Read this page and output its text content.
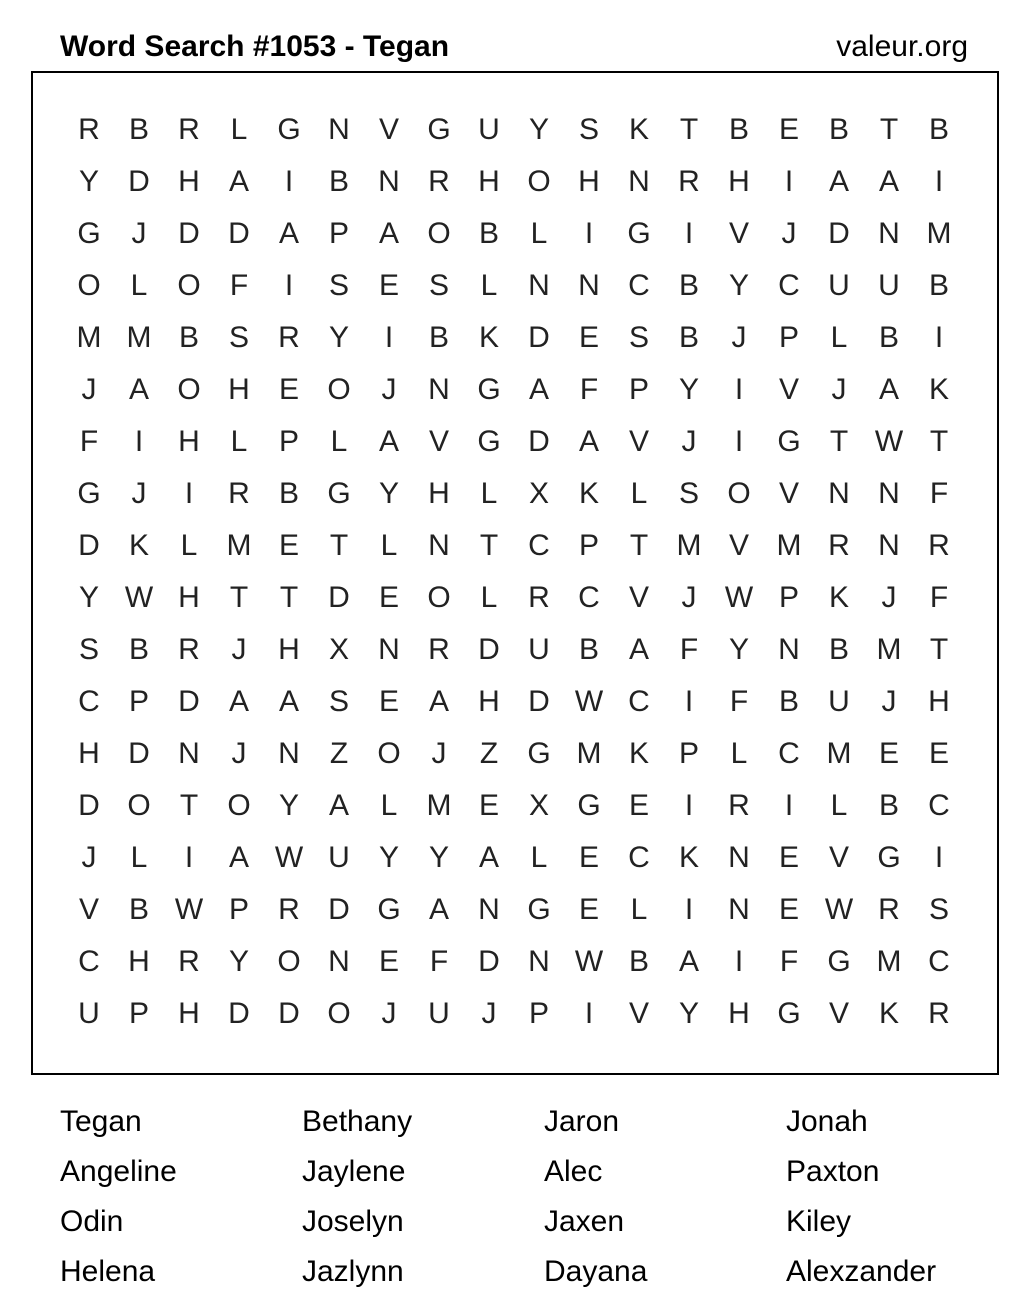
Word Search #1053 - Tegan	valeur.org
R B R	L G N V G U Y S K	T	B E B	T	B
Y D H A	I	B N R H O H N R H	I	A A	I
G	J	D D A P A O B	L	I	G	I	V	J	D N M
O L O F	I	S E S	L	N N C B Y C U U B
M M B S R Y	I	B K D E S B	J	P	L	B	I
J	A O H E O	J	N G A	F	P Y	I	V	J	A K
F	I	H	L	P	L	A V G D A V	J	I	G T W T
G	J	I	R B G Y H	L	X K	L	S O V N N	F
D K	L M E	T	L	N	T	C P	T M V M R N R
Y W H	T	T	D E O L	R C V	J W P K	J	F
S B R	J	H X N R D U B A	F	Y N B M T
C P D A A S E A H D W C	I	F	B U	J	H
H D N	J	N	Z O	J	Z G M K P	L	C M E E
D O T O Y A	L M E X G E	I	R	I	L	B C
J	L	I	A W U Y Y A	L	E C K N E V G	I
V B W P R D G A N G E	L	I	N E W R S
C H R Y O N E	F	D N W B A	I	F G M C
U P H D D O	J	U	J	P	I	V Y H G V K R
Tegan	Bethany	Jaron	Jonah
Angeline	Jaylene	Alec	Paxton
Odin	Joselyn	Jaxen	Kiley
Helena	Jazlynn	Dayana	Alexzander
